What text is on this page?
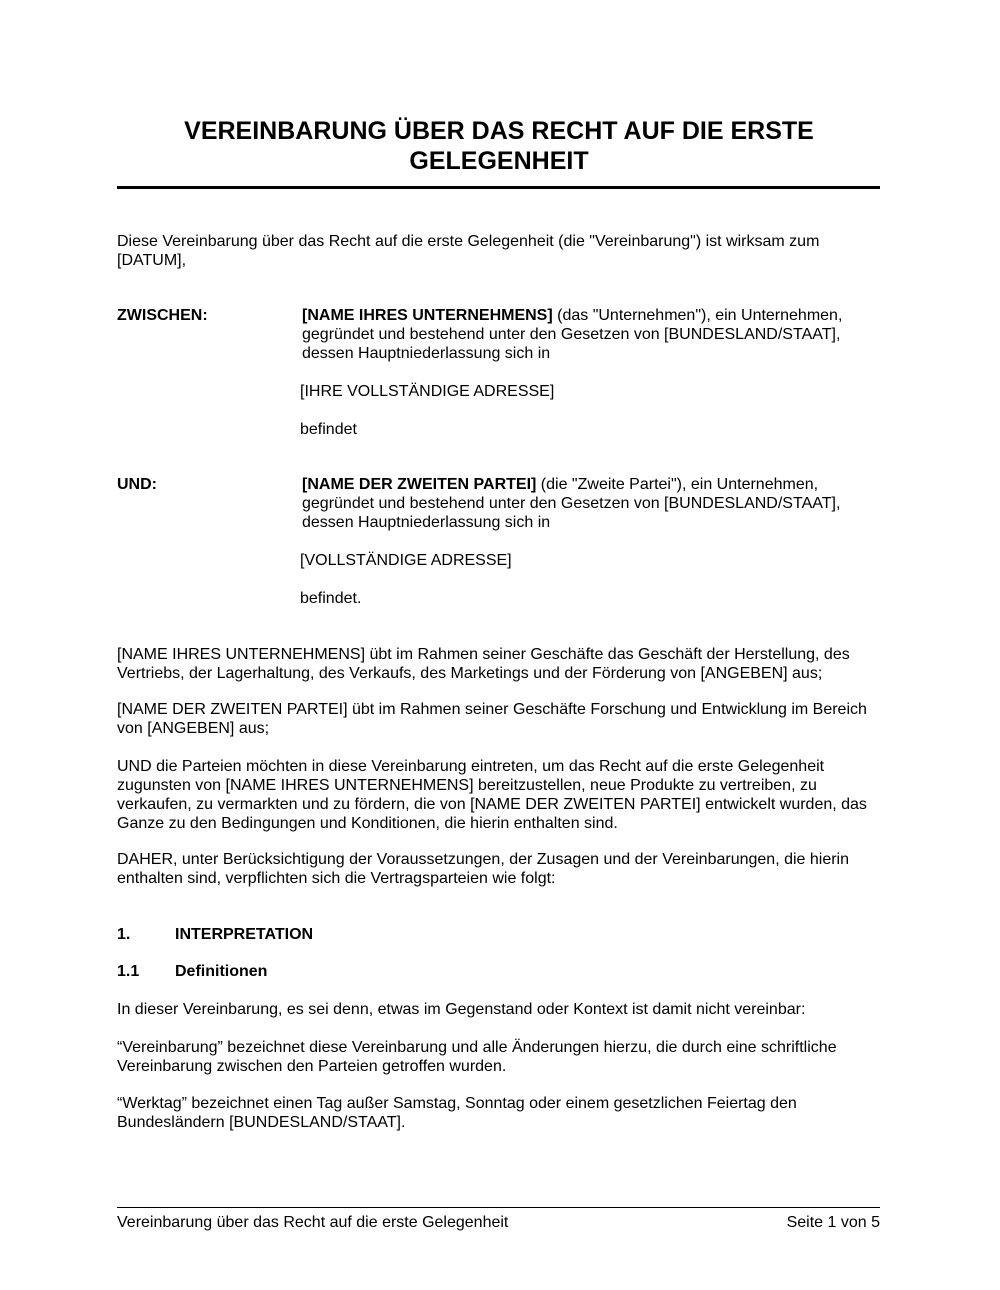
VEREINBARUNG ÜBER DAS RECHT AUF DIE ERSTE
GELEGENHEIT
Diese Vereinbarung über das Recht auf die erste Gelegenheit (die "Vereinbarung") ist wirksam zum [DATUM],
ZWISCHEN:	[NAME IHRES UNTERNEHMENS] (das "Unternehmen"), ein Unternehmen, gegründet und bestehend unter den Gesetzen von [BUNDESLAND/STAAT], dessen Hauptniederlassung sich in
[IHRE VOLLSTÄNDIGE ADRESSE]
befindet
UND:	[NAME DER ZWEITEN PARTEI] (die "Zweite Partei"), ein Unternehmen, gegründet und bestehend unter den Gesetzen von [BUNDESLAND/STAAT], dessen Hauptniederlassung sich in
[VOLLSTÄNDIGE ADRESSE]
befindet.
[NAME IHRES UNTERNEHMENS] übt im Rahmen seiner Geschäfte das Geschäft der Herstellung, des Vertriebs, der Lagerhaltung, des Verkaufs, des Marketings und der Förderung von [ANGEBEN] aus;
[NAME DER ZWEITEN PARTEI] übt im Rahmen seiner Geschäfte Forschung und Entwicklung im Bereich von [ANGEBEN] aus;
UND die Parteien möchten in diese Vereinbarung eintreten, um das Recht auf die erste Gelegenheit zugunsten von [NAME IHRES UNTERNEHMENS] bereitzustellen, neue Produkte zu vertreiben, zu verkaufen, zu vermarkten und zu fördern, die von [NAME DER ZWEITEN PARTEI] entwickelt wurden, das Ganze zu den Bedingungen und Konditionen, die hierin enthalten sind.
DAHER, unter Berücksichtigung der Voraussetzungen, der Zusagen und der Vereinbarungen, die hierin enthalten sind, verpflichten sich die Vertragsparteien wie folgt:
1.	INTERPRETATION
1.1 Definitionen
In dieser Vereinbarung, es sei denn, etwas im Gegenstand oder Kontext ist damit nicht vereinbar:
“Vereinbarung” bezeichnet diese Vereinbarung und alle Änderungen hierzu, die durch eine schriftliche Vereinbarung zwischen den Parteien getroffen wurden.
“Werktag” bezeichnet einen Tag außer Samstag, Sonntag oder einem gesetzlichen Feiertag den Bundesländern [BUNDESLAND/STAAT].
Vereinbarung über das Recht auf die erste Gelegenheit	Seite 1 von 5
